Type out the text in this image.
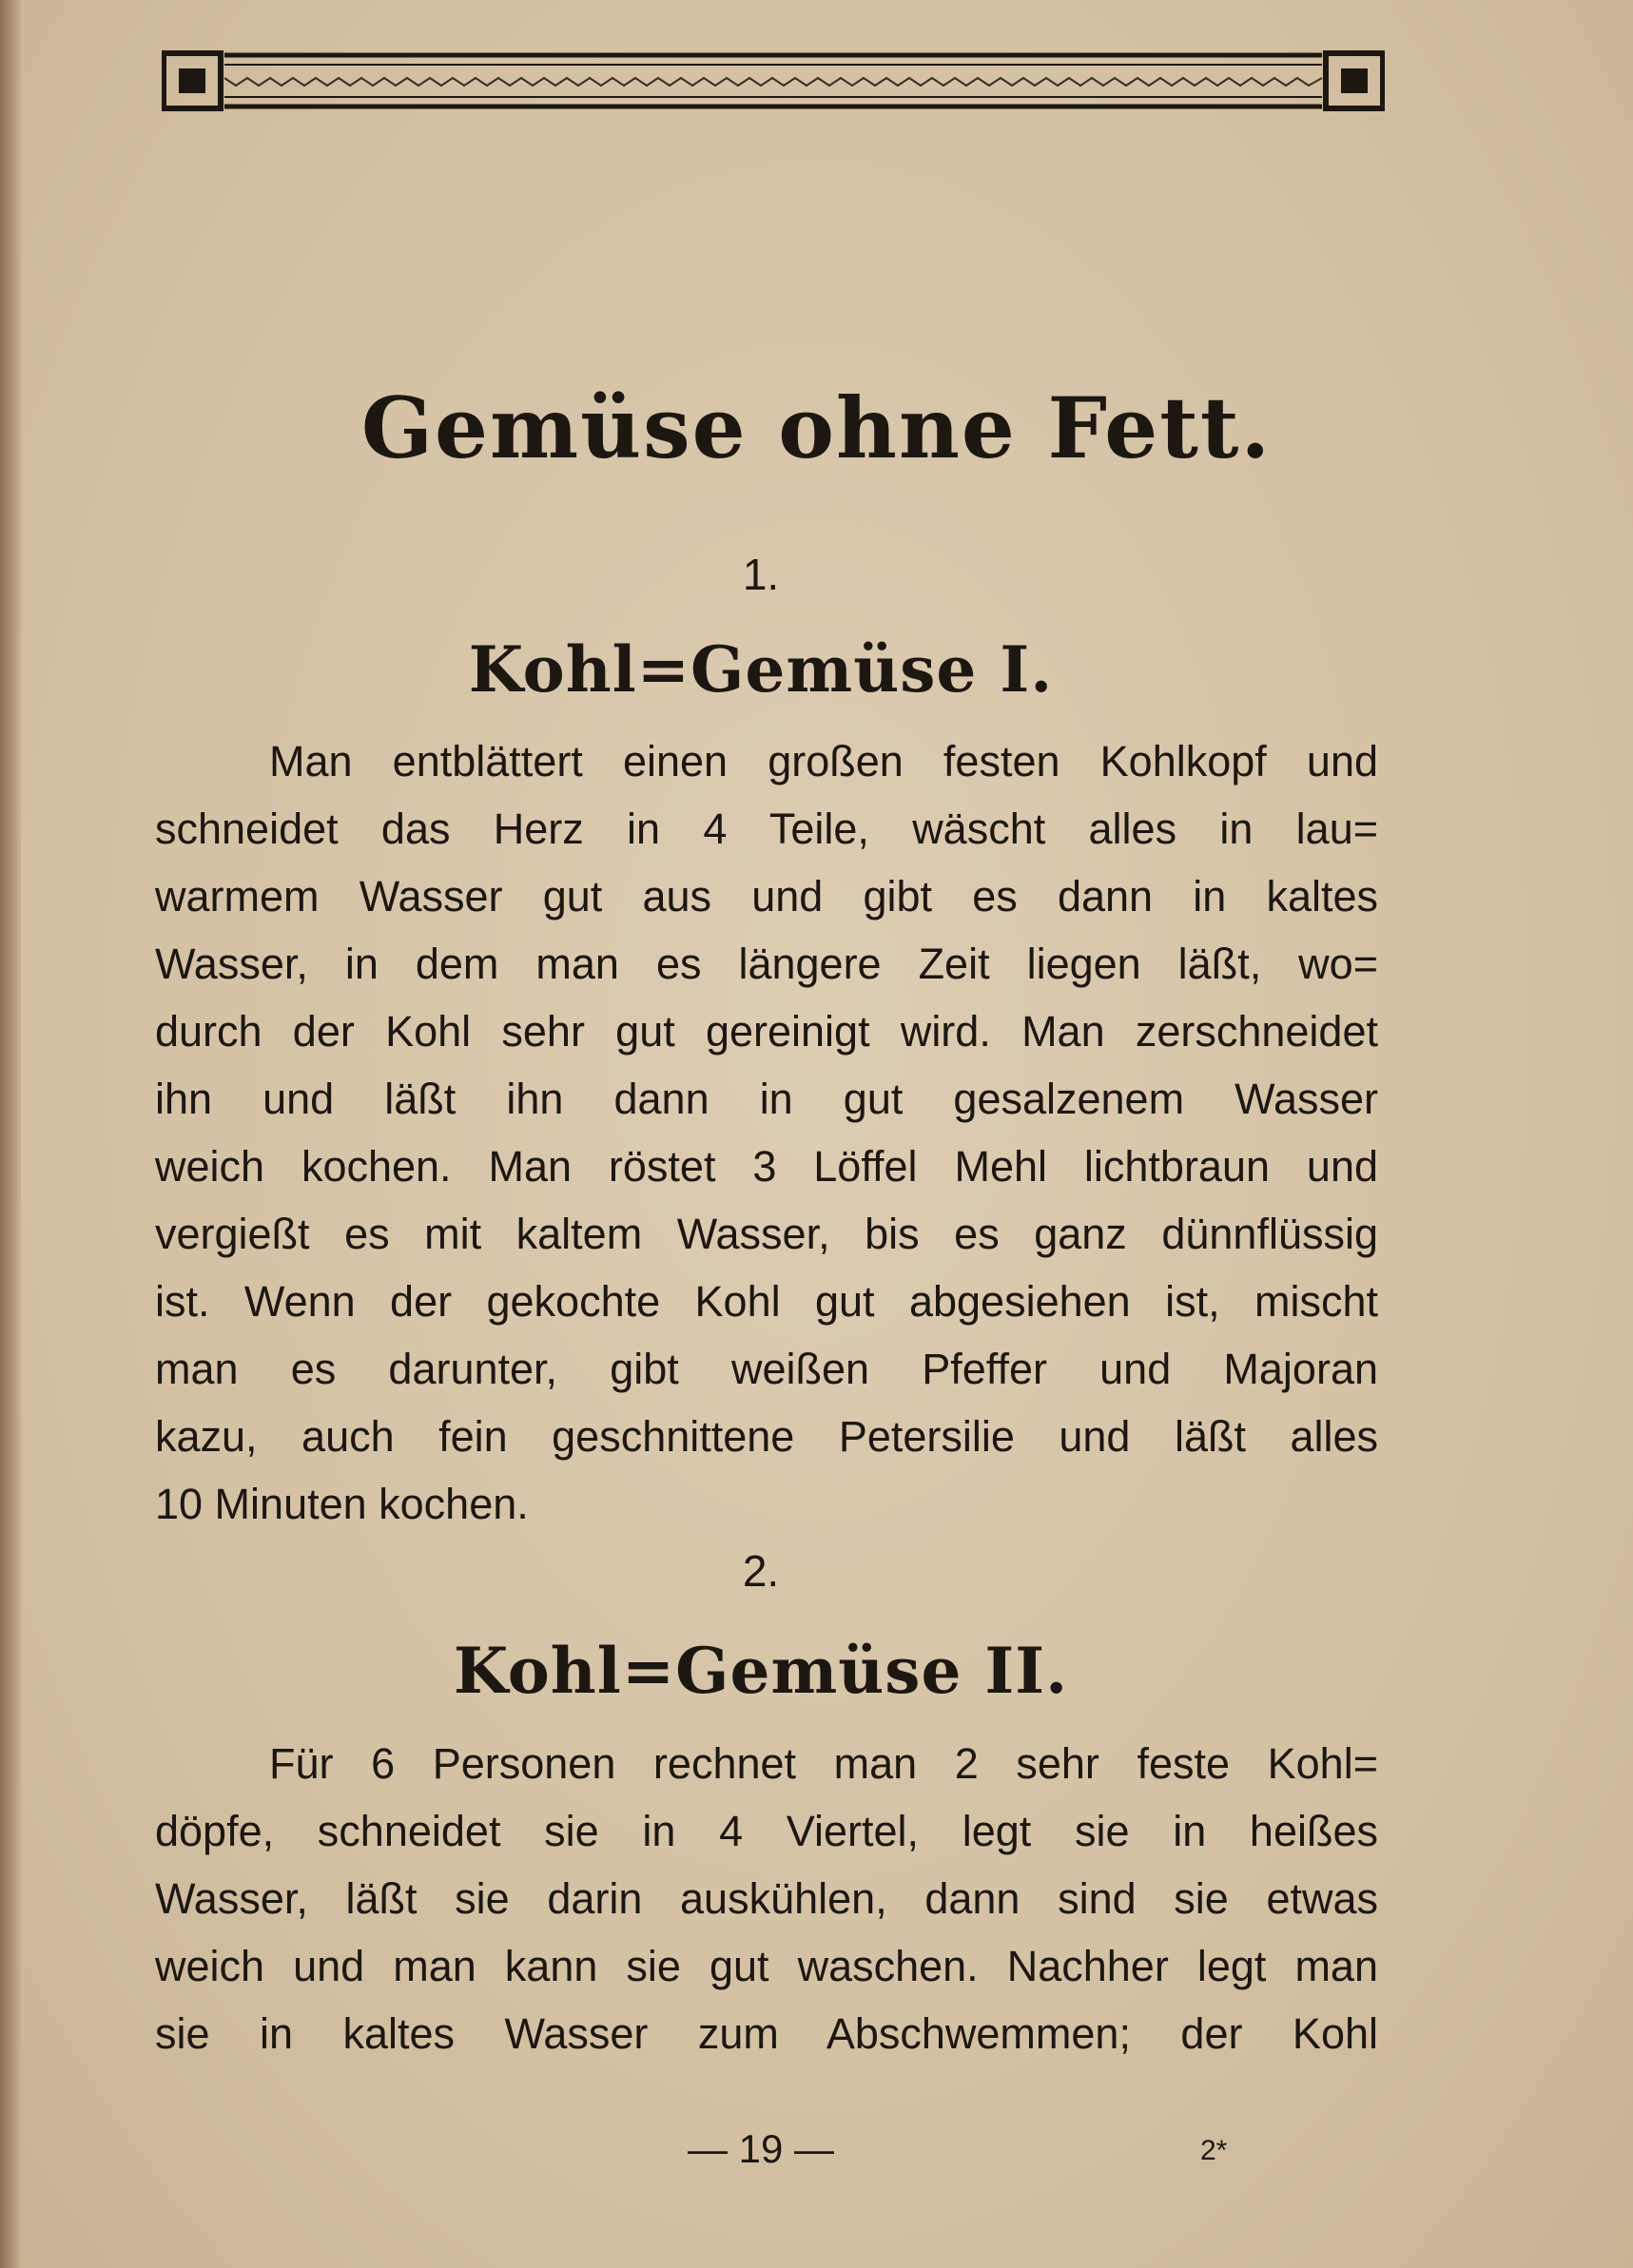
Gemüse ohne Fett.
1.
Kohl=Gemüse I.
Man entblättert einen großen festen Kohlkopf und
schneidet das Herz in 4 Teile, wäscht alles in lau=
warmem Wasser gut aus und gibt es dann in kaltes
Wasser, in dem man es längere Zeit liegen läßt, wo=
durch der Kohl sehr gut gereinigt wird. Man zerschneidet
ihn und läßt ihn dann in gut gesalzenem Wasser
weich kochen. Man röstet 3 Löffel Mehl lichtbraun und
vergießt es mit kaltem Wasser, bis es ganz dünnflüssig
ist. Wenn der gekochte Kohl gut abgesiehen ist, mischt
man es darunter, gibt weißen Pfeffer und Majoran
kazu, auch fein geschnittene Petersilie und läßt alles
10 Minuten kochen.
2.
Kohl=Gemüse II.
Für 6 Personen rechnet man 2 sehr feste Kohl=
döpfe, schneidet sie in 4 Viertel, legt sie in heißes
Wasser, läßt sie darin auskühlen, dann sind sie etwas
weich und man kann sie gut waschen. Nachher legt man
sie in kaltes Wasser zum Abschwemmen; der Kohl
— 19 —	2*
